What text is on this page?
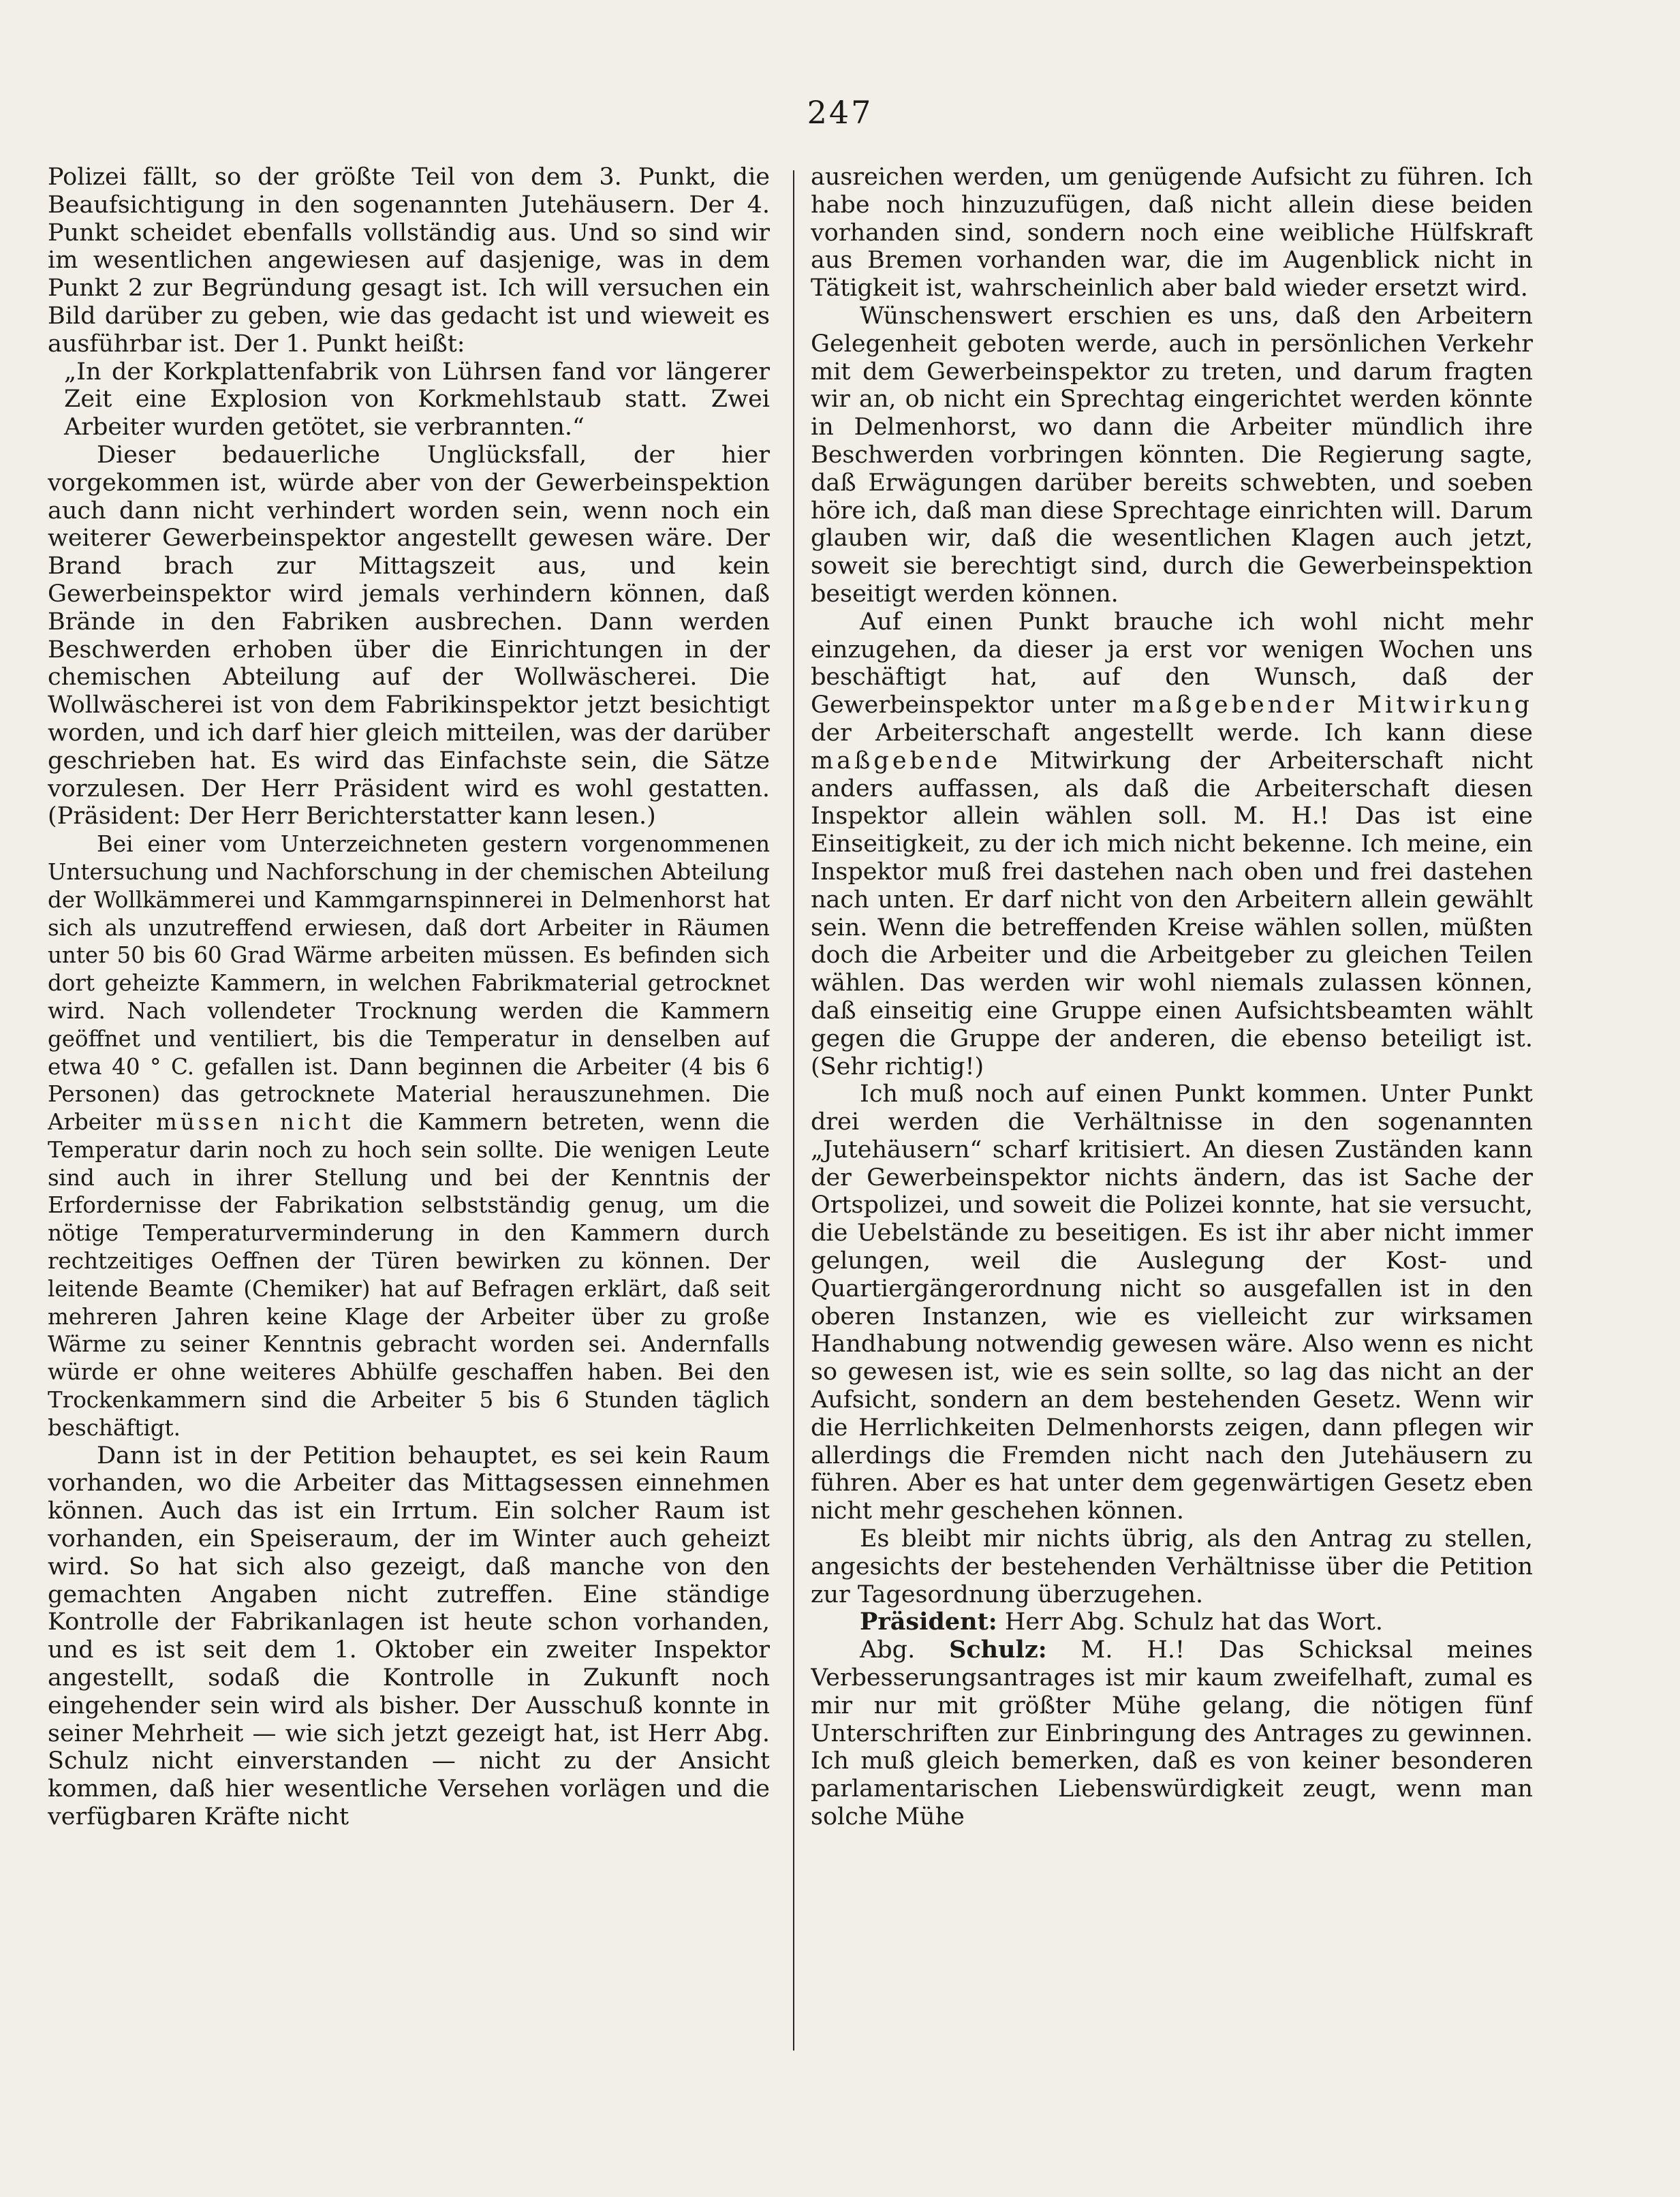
247

Polizei fällt, so der größte Teil von dem 3. Punkt, die Beaufsichtigung in den sogenannten Jutehäusern. Der 4. Punkt scheidet ebenfalls vollständig aus. Und so sind wir im wesentlichen angewiesen auf dasjenige, was in dem Punkt 2 zur Begründung gesagt ist. Ich will versuchen ein Bild darüber zu geben, wie das gedacht ist und wieweit es ausführbar ist. Der 1. Punkt heißt:

„In der Korkplattenfabrik von Lührsen fand vor längerer Zeit eine Explosion von Korkmehlstaub statt. Zwei Arbeiter wurden getötet, sie verbrannten.“

Dieser bedauerliche Unglücksfall, der hier vorgekommen ist, würde aber von der Gewerbeinspektion auch dann nicht verhindert worden sein, wenn noch ein weiterer Gewerbeinspektor angestellt gewesen wäre. Der Brand brach zur Mittagszeit aus, und kein Gewerbeinspektor wird jemals verhindern können, daß Brände in den Fabriken ausbrechen. Dann werden Beschwerden erhoben über die Einrichtungen in der chemischen Abteilung auf der Wollwäscherei. Die Wollwäscherei ist von dem Fabrikinspektor jetzt besichtigt worden, und ich darf hier gleich mitteilen, was der darüber geschrieben hat. Es wird das Einfachste sein, die Sätze vorzulesen. Der Herr Präsident wird es wohl gestatten. (Präsident: Der Herr Berichterstatter kann lesen.)

Bei einer vom Unterzeichneten gestern vorgenommenen Untersuchung und Nachforschung in der chemischen Abteilung der Wollkämmerei und Kammgarnspinnerei in Delmenhorst hat sich als unzutreffend erwiesen, daß dort Arbeiter in Räumen unter 50 bis 60 Grad Wärme arbeiten müssen. Es befinden sich dort geheizte Kammern, in welchen Fabrikmaterial getrocknet wird. Nach vollendeter Trocknung werden die Kammern geöffnet und ventiliert, bis die Temperatur in denselben auf etwa 40 ° C. gefallen ist. Dann beginnen die Arbeiter (4 bis 6 Personen) das getrocknete Material herauszunehmen. Die Arbeiter müssen nicht die Kammern betreten, wenn die Temperatur darin noch zu hoch sein sollte. Die wenigen Leute sind auch in ihrer Stellung und bei der Kenntnis der Erfordernisse der Fabrikation selbstständig genug, um die nötige Temperaturverminderung in den Kammern durch rechtzeitiges Oeffnen der Türen bewirken zu können. Der leitende Beamte (Chemiker) hat auf Befragen erklärt, daß seit mehreren Jahren keine Klage der Arbeiter über zu große Wärme zu seiner Kenntnis gebracht worden sei. Andernfalls würde er ohne weiteres Abhülfe geschaffen haben. Bei den Trockenkammern sind die Arbeiter 5 bis 6 Stunden täglich beschäftigt.

Dann ist in der Petition behauptet, es sei kein Raum vorhanden, wo die Arbeiter das Mittagsessen einnehmen können. Auch das ist ein Irrtum. Ein solcher Raum ist vorhanden, ein Speiseraum, der im Winter auch geheizt wird. So hat sich also gezeigt, daß manche von den gemachten Angaben nicht zutreffen. Eine ständige Kontrolle der Fabrikanlagen ist heute schon vorhanden, und es ist seit dem 1. Oktober ein zweiter Inspektor angestellt, sodaß die Kontrolle in Zukunft noch eingehender sein wird als bisher. Der Ausschuß konnte in seiner Mehrheit — wie sich jetzt gezeigt hat, ist Herr Abg. Schulz nicht einverstanden — nicht zu der Ansicht kommen, daß hier wesentliche Versehen vorlägen und die verfügbaren Kräfte nicht

ausreichen werden, um genügende Aufsicht zu führen. Ich habe noch hinzuzufügen, daß nicht allein diese beiden vorhanden sind, sondern noch eine weibliche Hülfskraft aus Bremen vorhanden war, die im Augenblick nicht in Tätigkeit ist, wahrscheinlich aber bald wieder ersetzt wird.

Wünschenswert erschien es uns, daß den Arbeitern Gelegenheit geboten werde, auch in persönlichen Verkehr mit dem Gewerbeinspektor zu treten, und darum fragten wir an, ob nicht ein Sprechtag eingerichtet werden könnte in Delmenhorst, wo dann die Arbeiter mündlich ihre Beschwerden vorbringen könnten. Die Regierung sagte, daß Erwägungen darüber bereits schwebten, und soeben höre ich, daß man diese Sprechtage einrichten will. Darum glauben wir, daß die wesentlichen Klagen auch jetzt, soweit sie berechtigt sind, durch die Gewerbeinspektion beseitigt werden können.

Auf einen Punkt brauche ich wohl nicht mehr einzugehen, da dieser ja erst vor wenigen Wochen uns beschäftigt hat, auf den Wunsch, daß der Gewerbeinspektor unter maßgebender Mitwirkung der Arbeiterschaft angestellt werde. Ich kann diese maßgebende Mitwirkung der Arbeiterschaft nicht anders auffassen, als daß die Arbeiterschaft diesen Inspektor allein wählen soll. M. H.! Das ist eine Einseitigkeit, zu der ich mich nicht bekenne. Ich meine, ein Inspektor muß frei dastehen nach oben und frei dastehen nach unten. Er darf nicht von den Arbeitern allein gewählt sein. Wenn die betreffenden Kreise wählen sollen, müßten doch die Arbeiter und die Arbeitgeber zu gleichen Teilen wählen. Das werden wir wohl niemals zulassen können, daß einseitig eine Gruppe einen Aufsichtsbeamten wählt gegen die Gruppe der anderen, die ebenso beteiligt ist. (Sehr richtig!)

Ich muß noch auf einen Punkt kommen. Unter Punkt drei werden die Verhältnisse in den sogenannten „Jutehäusern“ scharf kritisiert. An diesen Zuständen kann der Gewerbeinspektor nichts ändern, das ist Sache der Ortspolizei, und soweit die Polizei konnte, hat sie versucht, die Uebelstände zu beseitigen. Es ist ihr aber nicht immer gelungen, weil die Auslegung der Kost- und Quartiergängerordnung nicht so ausgefallen ist in den oberen Instanzen, wie es vielleicht zur wirksamen Handhabung notwendig gewesen wäre. Also wenn es nicht so gewesen ist, wie es sein sollte, so lag das nicht an der Aufsicht, sondern an dem bestehenden Gesetz. Wenn wir die Herrlichkeiten Delmenhorsts zeigen, dann pflegen wir allerdings die Fremden nicht nach den Jutehäusern zu führen. Aber es hat unter dem gegenwärtigen Gesetz eben nicht mehr geschehen können.

Es bleibt mir nichts übrig, als den Antrag zu stellen, angesichts der bestehenden Verhältnisse über die Petition zur Tagesordnung überzugehen.

Präsident: Herr Abg. Schulz hat das Wort.

Abg. Schulz: M. H.! Das Schicksal meines Verbesserungsantrages ist mir kaum zweifelhaft, zumal es mir nur mit größter Mühe gelang, die nötigen fünf Unterschriften zur Einbringung des Antrages zu gewinnen. Ich muß gleich bemerken, daß es von keiner besonderen parlamentarischen Liebenswürdigkeit zeugt, wenn man solche Mühe
